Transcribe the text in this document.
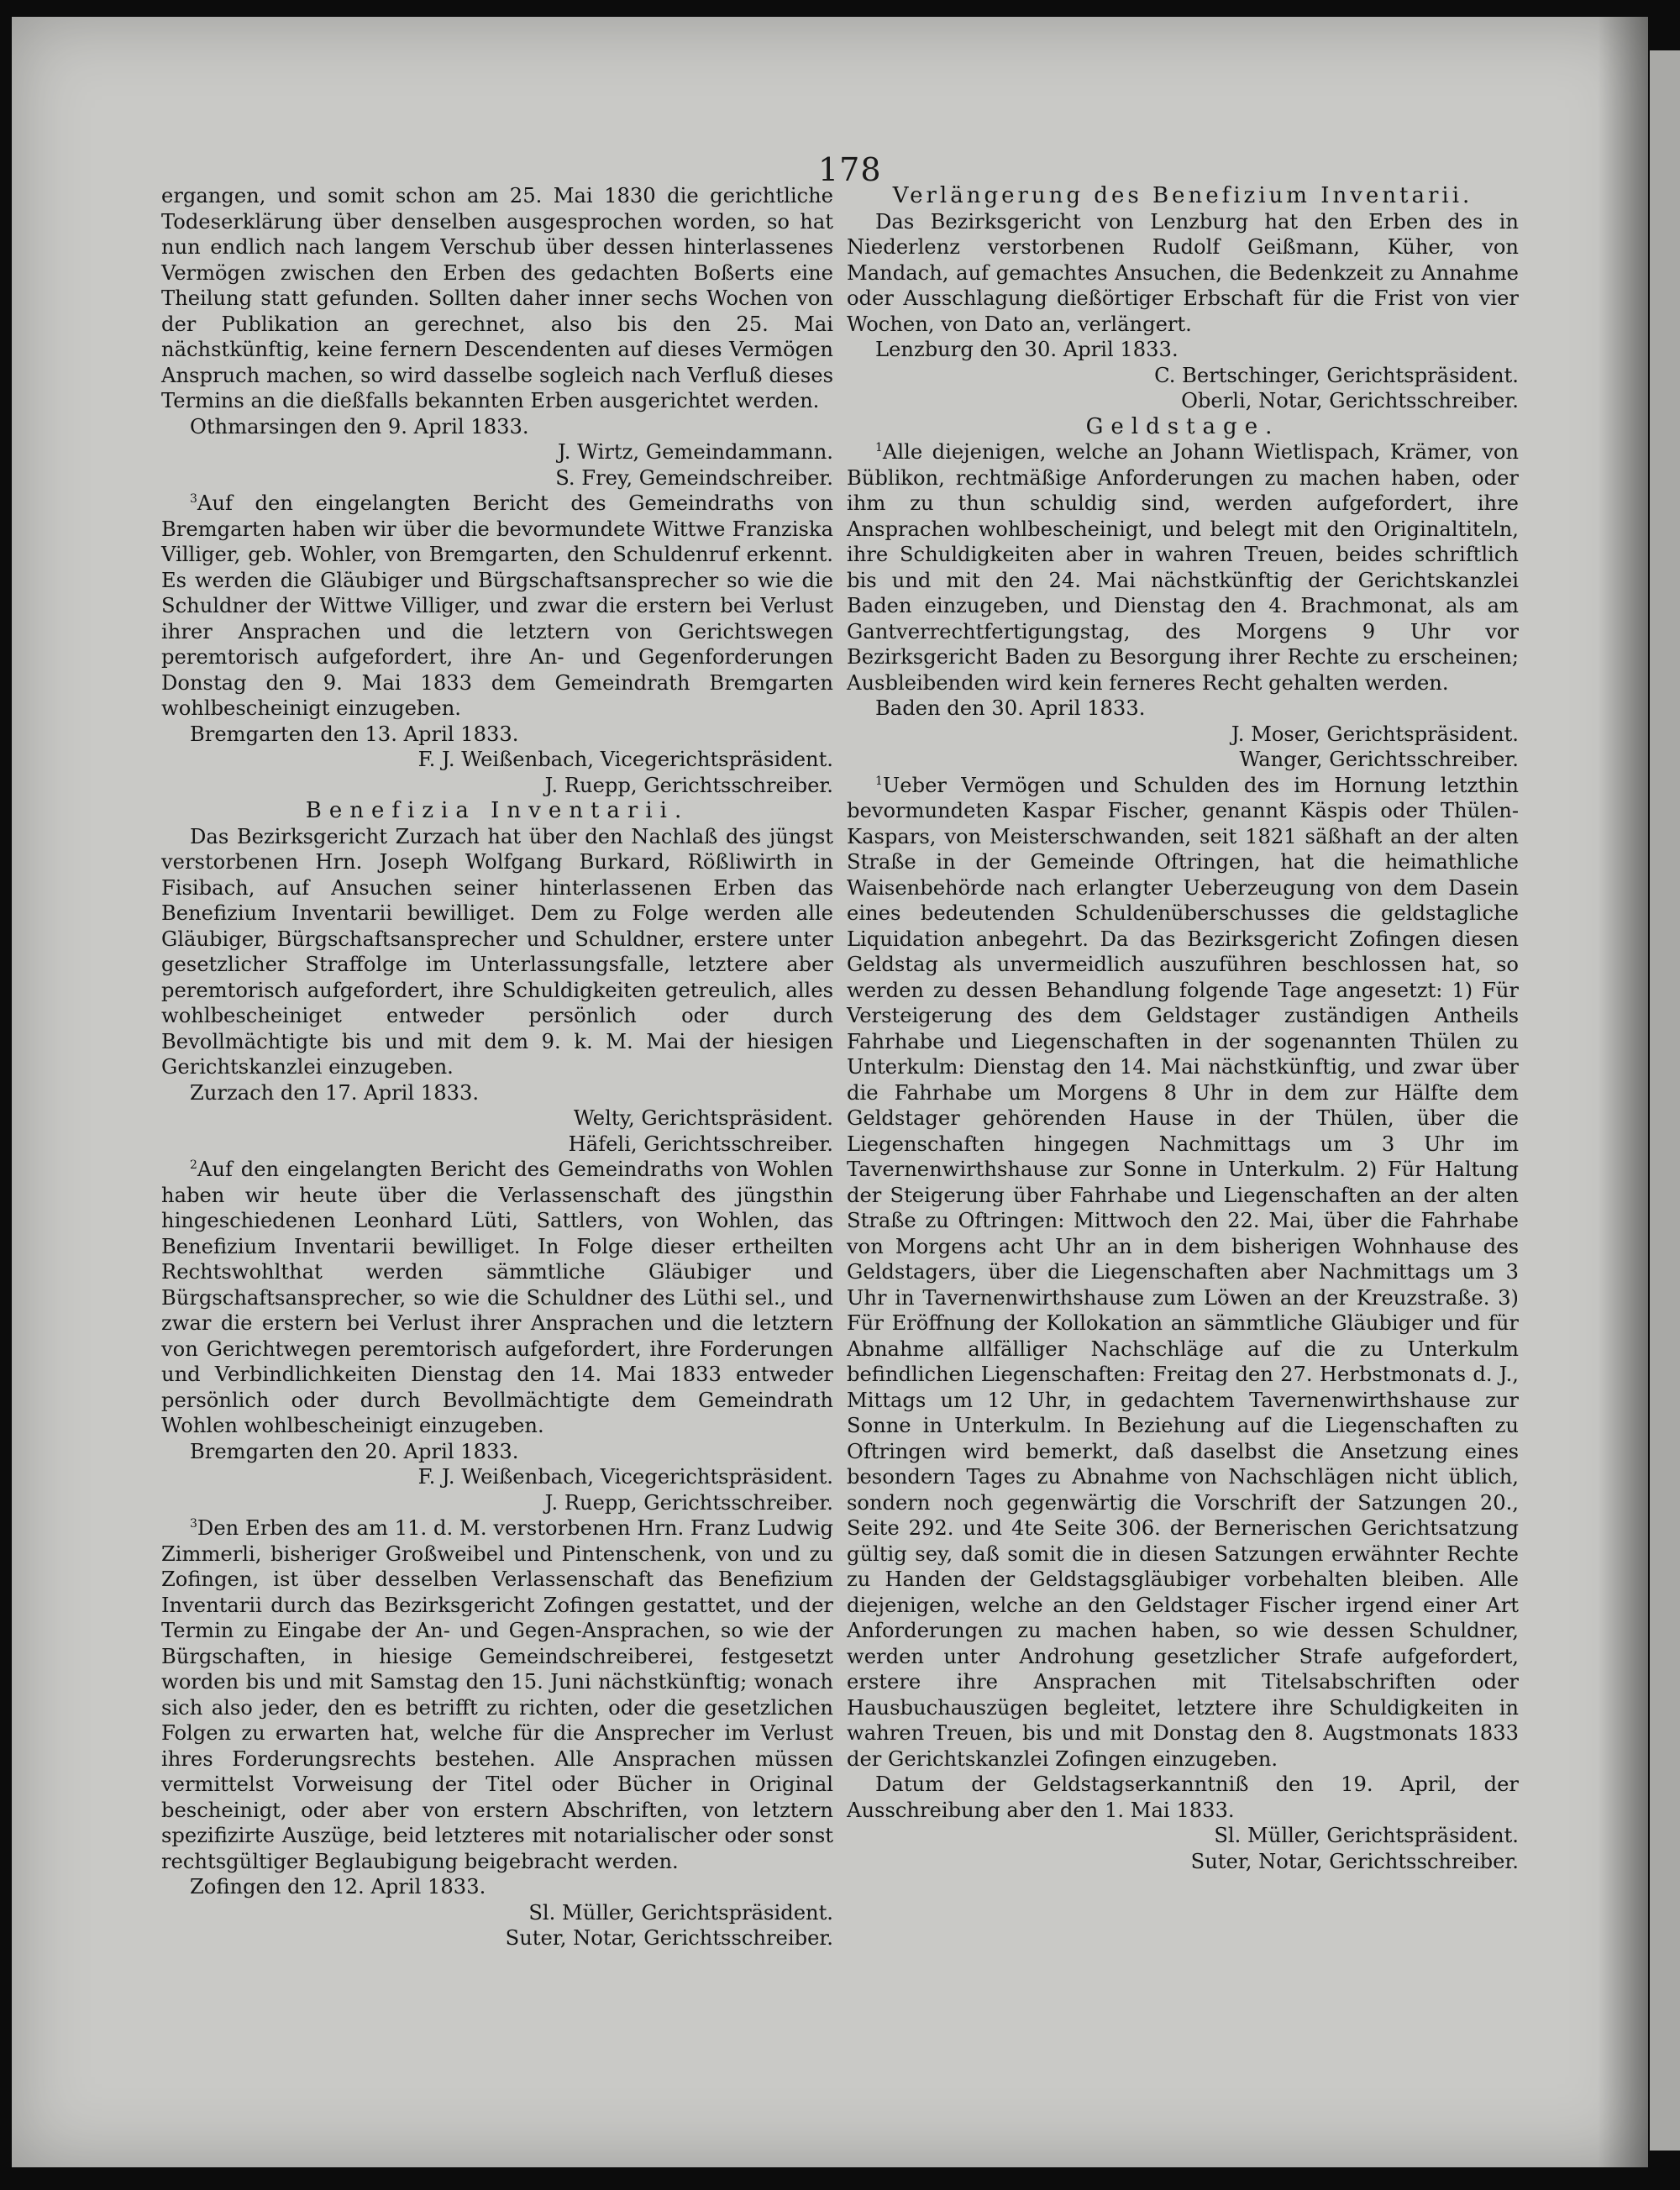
178

ergangen, und somit schon am 25. Mai 1830 die gerichtliche Todeserklärung über denselben ausgesprochen worden, so hat nun endlich nach langem Verschub über dessen hinterlassenes Vermögen zwischen den Erben des gedachten Boßerts eine Theilung statt gefunden. Sollten daher inner sechs Wochen von der Publikation an gerechnet, also bis den 25. Mai nächstkünftig, keine fernern Descendenten auf dieses Vermögen Anspruch machen, so wird dasselbe sogleich nach Verfluß dieses Termins an die dießfalls bekannten Erben ausgerichtet werden.

Othmarsingen den 9. April 1833.

J. Wirtz, Gemeindammann.

S. Frey, Gemeindschreiber.

$^3$Auf den eingelangten Bericht des Gemeindraths von Bremgarten haben wir über die bevormundete Wittwe Franziska Villiger, geb. Wohler, von Bremgarten, den Schuldenruf erkennt. Es werden die Gläubiger und Bürgschaftsansprecher so wie die Schuldner der Wittwe Villiger, und zwar die erstern bei Verlust ihrer Ansprachen und die letztern von Gerichtswegen peremtorisch aufgefordert, ihre An- und Gegenforderungen Donstag den 9. Mai 1833 dem Gemeindrath Bremgarten wohlbescheinigt einzugeben.

Bremgarten den 13. April 1833.

F. J. Weißenbach, Vicegerichtspräsident.

J. Ruepp, Gerichtsschreiber.

Benefizia Inventarii.

Das Bezirksgericht Zurzach hat über den Nachlaß des jüngst verstorbenen Hrn. Joseph Wolfgang Burkard, Rößliwirth in Fisibach, auf Ansuchen seiner hinterlassenen Erben das Benefizium Inventarii bewilliget. Dem zu Folge werden alle Gläubiger, Bürgschaftsansprecher und Schuldner, erstere unter gesetzlicher Straffolge im Unterlassungsfalle, letztere aber peremtorisch aufgefordert, ihre Schuldigkeiten getreulich, alles wohlbescheiniget entweder persönlich oder durch Bevollmächtigte bis und mit dem 9. k. M. Mai der hiesigen Gerichtskanzlei einzugeben.

Zurzach den 17. April 1833.

Welty, Gerichtspräsident.

Häfeli, Gerichtsschreiber.

$^2$Auf den eingelangten Bericht des Gemeindraths von Wohlen haben wir heute über die Verlassenschaft des jüngsthin hingeschiedenen Leonhard Lüti, Sattlers, von Wohlen, das Benefizium Inventarii bewilliget. In Folge dieser ertheilten Rechtswohlthat werden sämmtliche Gläubiger und Bürgschaftsansprecher, so wie die Schuldner des Lüthi sel., und zwar die erstern bei Verlust ihrer Ansprachen und die letztern von Gerichtwegen peremtorisch aufgefordert, ihre Forderungen und Verbindlichkeiten Dienstag den 14. Mai 1833 entweder persönlich oder durch Bevollmächtigte dem Gemeindrath Wohlen wohlbescheinigt einzugeben.

Bremgarten den 20. April 1833.

F. J. Weißenbach, Vicegerichtspräsident.

J. Ruepp, Gerichtsschreiber.

$^3$Den Erben des am 11. d. M. verstorbenen Hrn. Franz Ludwig Zimmerli, bisheriger Großweibel und Pintenschenk, von und zu Zofingen, ist über desselben Verlassenschaft das Benefizium Inventarii durch das Bezirksgericht Zofingen gestattet, und der Termin zu Eingabe der An- und Gegen-Ansprachen, so wie der Bürgschaften, in hiesige Gemeindschreiberei, festgesetzt worden bis und mit Samstag den 15. Juni nächstkünftig; wonach sich also jeder, den es betrifft zu richten, oder die gesetzlichen Folgen zu erwarten hat, welche für die Ansprecher im Verlust ihres Forderungsrechts bestehen. Alle Ansprachen müssen vermittelst Vorweisung der Titel oder Bücher in Original bescheinigt, oder aber von erstern Abschriften, von letztern spezifizirte Auszüge, beid letzteres mit notarialischer oder sonst rechtsgültiger Beglaubigung beigebracht werden.

Zofingen den 12. April 1833.

Sl. Müller, Gerichtspräsident.

Suter, Notar, Gerichtsschreiber.

Verlängerung des Benefizium Inventarii.

Das Bezirksgericht von Lenzburg hat den Erben des in Niederlenz verstorbenen Rudolf Geißmann, Küher, von Mandach, auf gemachtes Ansuchen, die Bedenkzeit zu Annahme oder Ausschlagung dießörtiger Erbschaft für die Frist von vier Wochen, von Dato an, verlängert.

Lenzburg den 30. April 1833.

C. Bertschinger, Gerichtspräsident.

Oberli, Notar, Gerichtsschreiber.

Geldstage.

$^1$Alle diejenigen, welche an Johann Wietlispach, Krämer, von Büblikon, rechtmäßige Anforderungen zu machen haben, oder ihm zu thun schuldig sind, werden aufgefordert, ihre Ansprachen wohlbescheinigt, und belegt mit den Originaltiteln, ihre Schuldigkeiten aber in wahren Treuen, beides schriftlich bis und mit den 24. Mai nächstkünftig der Gerichtskanzlei Baden einzugeben, und Dienstag den 4. Brachmonat, als am Gantverrechtfertigungstag, des Morgens 9 Uhr vor Bezirksgericht Baden zu Besorgung ihrer Rechte zu erscheinen; Ausbleibenden wird kein ferneres Recht gehalten werden.

Baden den 30. April 1833.

J. Moser, Gerichtspräsident.

Wanger, Gerichtsschreiber.

$^1$Ueber Vermögen und Schulden des im Hornung letzthin bevormundeten Kaspar Fischer, genannt Käspis oder Thülen-Kaspars, von Meisterschwanden, seit 1821 säßhaft an der alten Straße in der Gemeinde Oftringen, hat die heimathliche Waisenbehörde nach erlangter Ueberzeugung von dem Dasein eines bedeutenden Schuldenüberschusses die geldstagliche Liquidation anbegehrt. Da das Bezirksgericht Zofingen diesen Geldstag als unvermeidlich auszuführen beschlossen hat, so werden zu dessen Behandlung folgende Tage angesetzt: 1) Für Versteigerung des dem Geldstager zuständigen Antheils Fahrhabe und Liegenschaften in der sogenannten Thülen zu Unterkulm: Dienstag den 14. Mai nächstkünftig, und zwar über die Fahrhabe um Morgens 8 Uhr in dem zur Hälfte dem Geldstager gehörenden Hause in der Thülen, über die Liegenschaften hingegen Nachmittags um 3 Uhr im Tavernenwirthshause zur Sonne in Unterkulm. 2) Für Haltung der Steigerung über Fahrhabe und Liegenschaften an der alten Straße zu Oftringen: Mittwoch den 22. Mai, über die Fahrhabe von Morgens acht Uhr an in dem bisherigen Wohnhause des Geldstagers, über die Liegenschaften aber Nachmittags um 3 Uhr in Tavernenwirthshause zum Löwen an der Kreuzstraße. 3) Für Eröffnung der Kollokation an sämmtliche Gläubiger und für Abnahme allfälliger Nachschläge auf die zu Unterkulm befindlichen Liegenschaften: Freitag den 27. Herbstmonats d. J., Mittags um 12 Uhr, in gedachtem Tavernenwirthshause zur Sonne in Unterkulm. In Beziehung auf die Liegenschaften zu Oftringen wird bemerkt, daß daselbst die Ansetzung eines besondern Tages zu Abnahme von Nachschlägen nicht üblich, sondern noch gegenwärtig die Vorschrift der Satzungen 20., Seite 292. und 4te Seite 306. der Bernerischen Gerichtsatzung gültig sey, daß somit die in diesen Satzungen erwähnter Rechte zu Handen der Geldstagsgläubiger vorbehalten bleiben. Alle diejenigen, welche an den Geldstager Fischer irgend einer Art Anforderungen zu machen haben, so wie dessen Schuldner, werden unter Androhung gesetzlicher Strafe aufgefordert, erstere ihre Ansprachen mit Titelsabschriften oder Hausbuchauszügen begleitet, letztere ihre Schuldigkeiten in wahren Treuen, bis und mit Donstag den 8. Augstmonats 1833 der Gerichtskanzlei Zofingen einzugeben.

Datum der Geldstagserkanntniß den 19. April, der Ausschreibung aber den 1. Mai 1833.

Sl. Müller, Gerichtspräsident.

Suter, Notar, Gerichtsschreiber.
